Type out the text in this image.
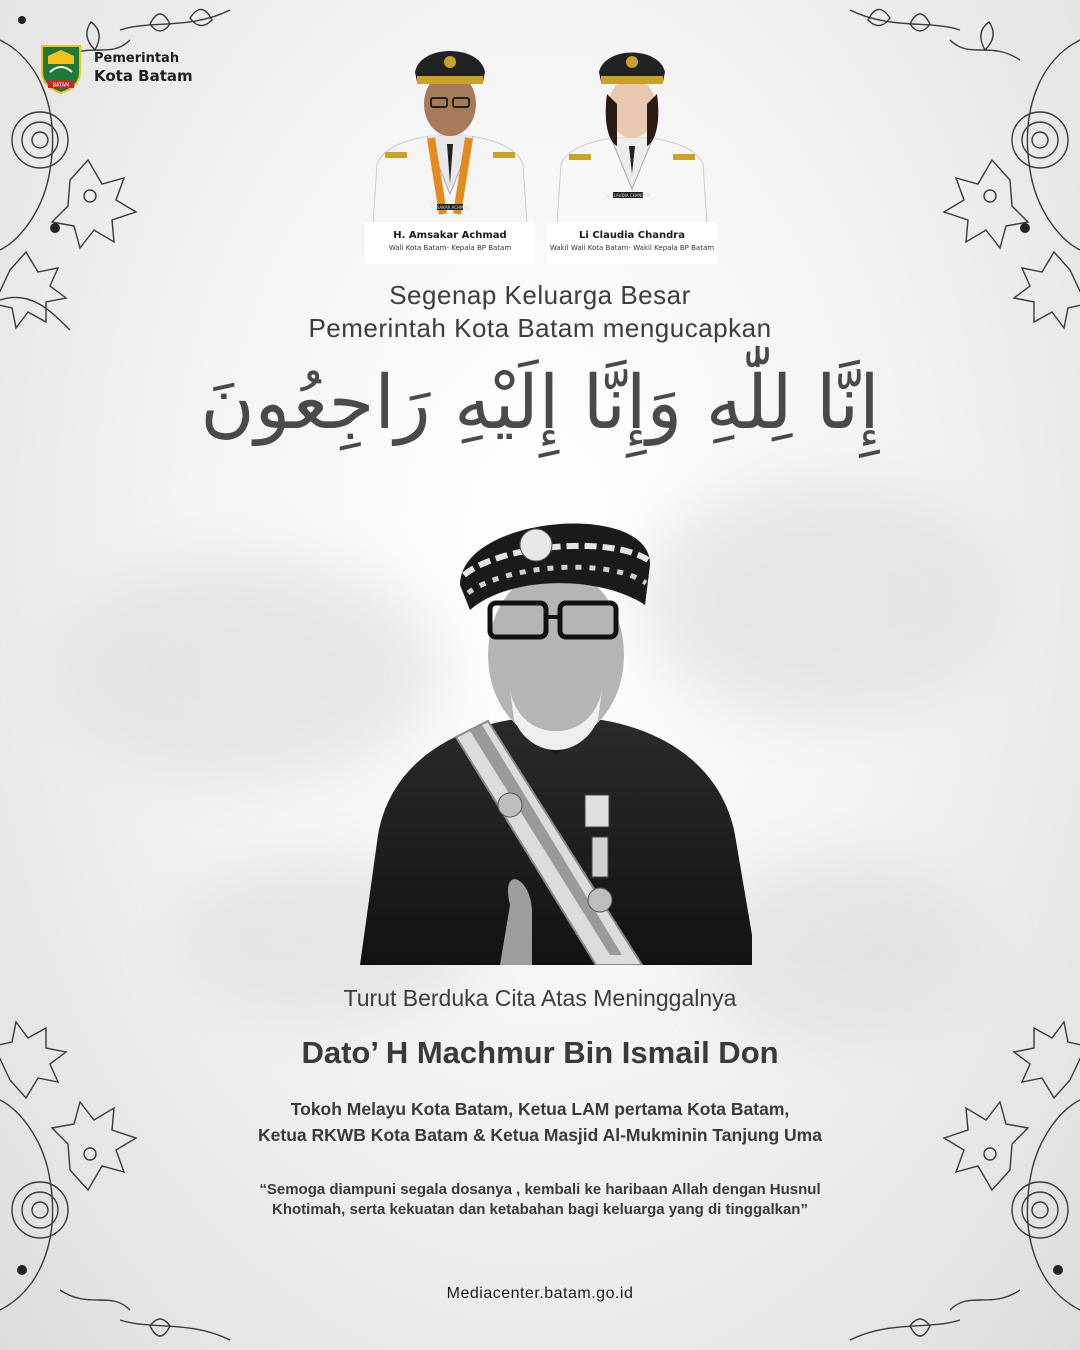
BATAM
Pemerintah
Kota Batam
AMSAKAR ACHMAD
H. Amsakar Achmad
Wali Kota Batam- Kepala BP Batam
LI CLAUDIA CHANDRA
Li Claudia Chandra
Wakil Wali Kota Batam- Wakil Kepala BP Batam
Segenap Keluarga Besar
Pemerintah Kota Batam mengucapkan
إِنَّا لِلّٰهِ وَإِنَّا إِلَيْهِ رَاجِعُونَ
Turut Berduka Cita Atas Meninggalnya
Dato’ H Machmur Bin Ismail Don
Tokoh Melayu Kota Batam, Ketua LAM pertama Kota Batam,
Ketua RKWB Kota Batam & Ketua Masjid Al-Mukminin Tanjung Uma
“Semoga diampuni segala dosanya , kembali ke haribaan Allah dengan Husnul
Khotimah, serta kekuatan dan ketabahan bagi keluarga yang di tinggalkan”
Mediacenter.batam.go.id
